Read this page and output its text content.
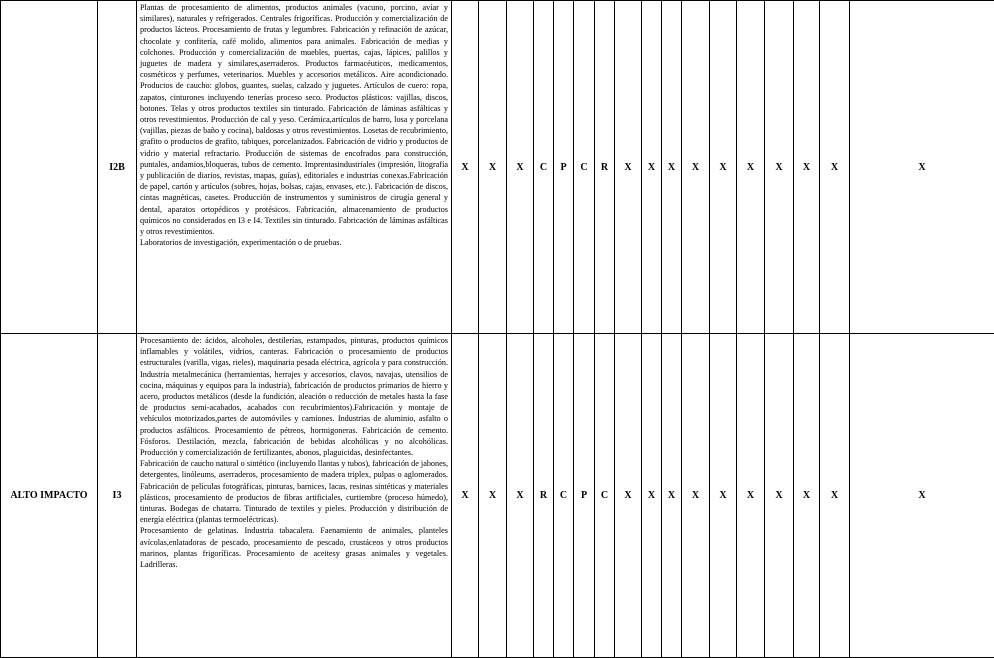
	I2B	Plantas de procesamiento de alimentos, productos animales (vacuno, porcino, avíar y similares), naturales y refrigerados. Centrales frigoríficas. Producción y comercialización de productos lácteos. Procesamiento de frutas y legumbres. Fabricación y refinación de azúcar, chocolate y confitería, café molido, alimentos para animales. Fabricación de medias y colchones. Producción y comercialización de muebles, puertas, cajas, lápices, palillos y juguetes de madera y similares,aserraderos. Productos farmacéuticos, medicamentos, cosméticos y perfumes, veterinarios. Muebles y accesorios metálicos. Aire acondicionado. Productos de caucho: globos, guantes, suelas, calzado y juguetes. Artículos de cuero: ropa, zapatos, cinturones incluyendo tenerías proceso seco. Productos plásticos: vajillas, discos, botones. Telas y otros productos textiles sin tinturado. Fabricación de láminas asfálticas y otros revestimientos. Producción de cal y yeso. Cerámica,artículos de barro, losa y porcelana (vajillas, piezas de baño y cocina), baldosas y otros revestimientos. Losetas de recubrimiento, grafito o productos de grafito, tabiques, porcelanizados. Fabricación de vidrio y productos de vidrio y material refractario. Producción de sistemas de encofrados para construcción, puntales, andamios,bloqueras, tubos de cemento. Imprentasindustriales (impresión, litografía y publicación de diarios, revistas, mapas, guías), editoriales e industrias conexas.Fabricación de papel, cartón y artículos (sobres, hojas, bolsas, cajas, envases, etc.). Fabricación de discos, cintas magnéticas, casetes. Producción de instrumentos y suministros de cirugía general y dental, aparatos ortopédicos y protésicos. Fabricación, almacenamiento de productos químicos no considerados en I3 e I4. Textiles sin tinturado. Fabricación de láminas asfálticas y otros revestimientos.

Laboratorios de investigación, experimentación o de pruebas.	X	X	X	C	P	C	R	X	X	X	X	X	X	X	X	X	X
ALTO IMPACTO	I3	Procesamiento de: ácidos, alcoholes, destilerías, estampados, pinturas, productos químicos inflamables y volátiles, vidrios, canteras. Fabricación o procesamiento de productos estructurales (varilla, vigas, rieles), maquinaria pesada eléctrica, agrícola y para construcción. Industria metalmecánica (herramientas, herrajes y accesorios, clavos, navajas, utensilios de cocina, máquinas y equipos para la industria), fabricación de productos primarios de hierro y acero, productos metálicos (desde la fundición, aleación o reducción de metales hasta la fase de productos semi-acabados, acabados con recubrimientos).Fabricación y montaje de vehículos motorizados,partes de automóviles y camiones. Industrias de aluminio, asfalto o productos asfálticos. Procesamiento de pétreos, hormigoneras. Fabricación de cemento. Fósforos. Destilación, mezcla, fabricación de bebidas alcohólicas y no alcohólicas. Producción y comercialización de fertilizantes, abonos, plaguicidas, desinfectantes.

Fabricación de caucho natural o sintético (incluyendo llantas y tubos), fabricación de jabones, detergentes, linóleums, aserraderos, procesamiento de madera triplex, pulpas o aglomerados. Fabricación de películas fotográficas, pinturas, barnices, lacas, resinas sintéticas y materiales plásticos, procesamiento de productos de fibras artificiales, curtiembre (proceso húmedo), tinturas. Bodegas de chatarra. Tinturado de textiles y pieles. Producción y distribución de energía eléctrica (plantas termoeléctricas).

Procesamiento de gelatinas. Industria tabacalera. Faenamiento de animales, planteles avícolas,enlatadoras de pescado, procesamiento de pescado, crustáceos y otros productos marinos, plantas frigoríficas. Procesamiento de aceitesy grasas animales y vegetales. Ladrilleras.	X	X	X	R	C	P	C	X	X	X	X	X	X	X	X	X	X
